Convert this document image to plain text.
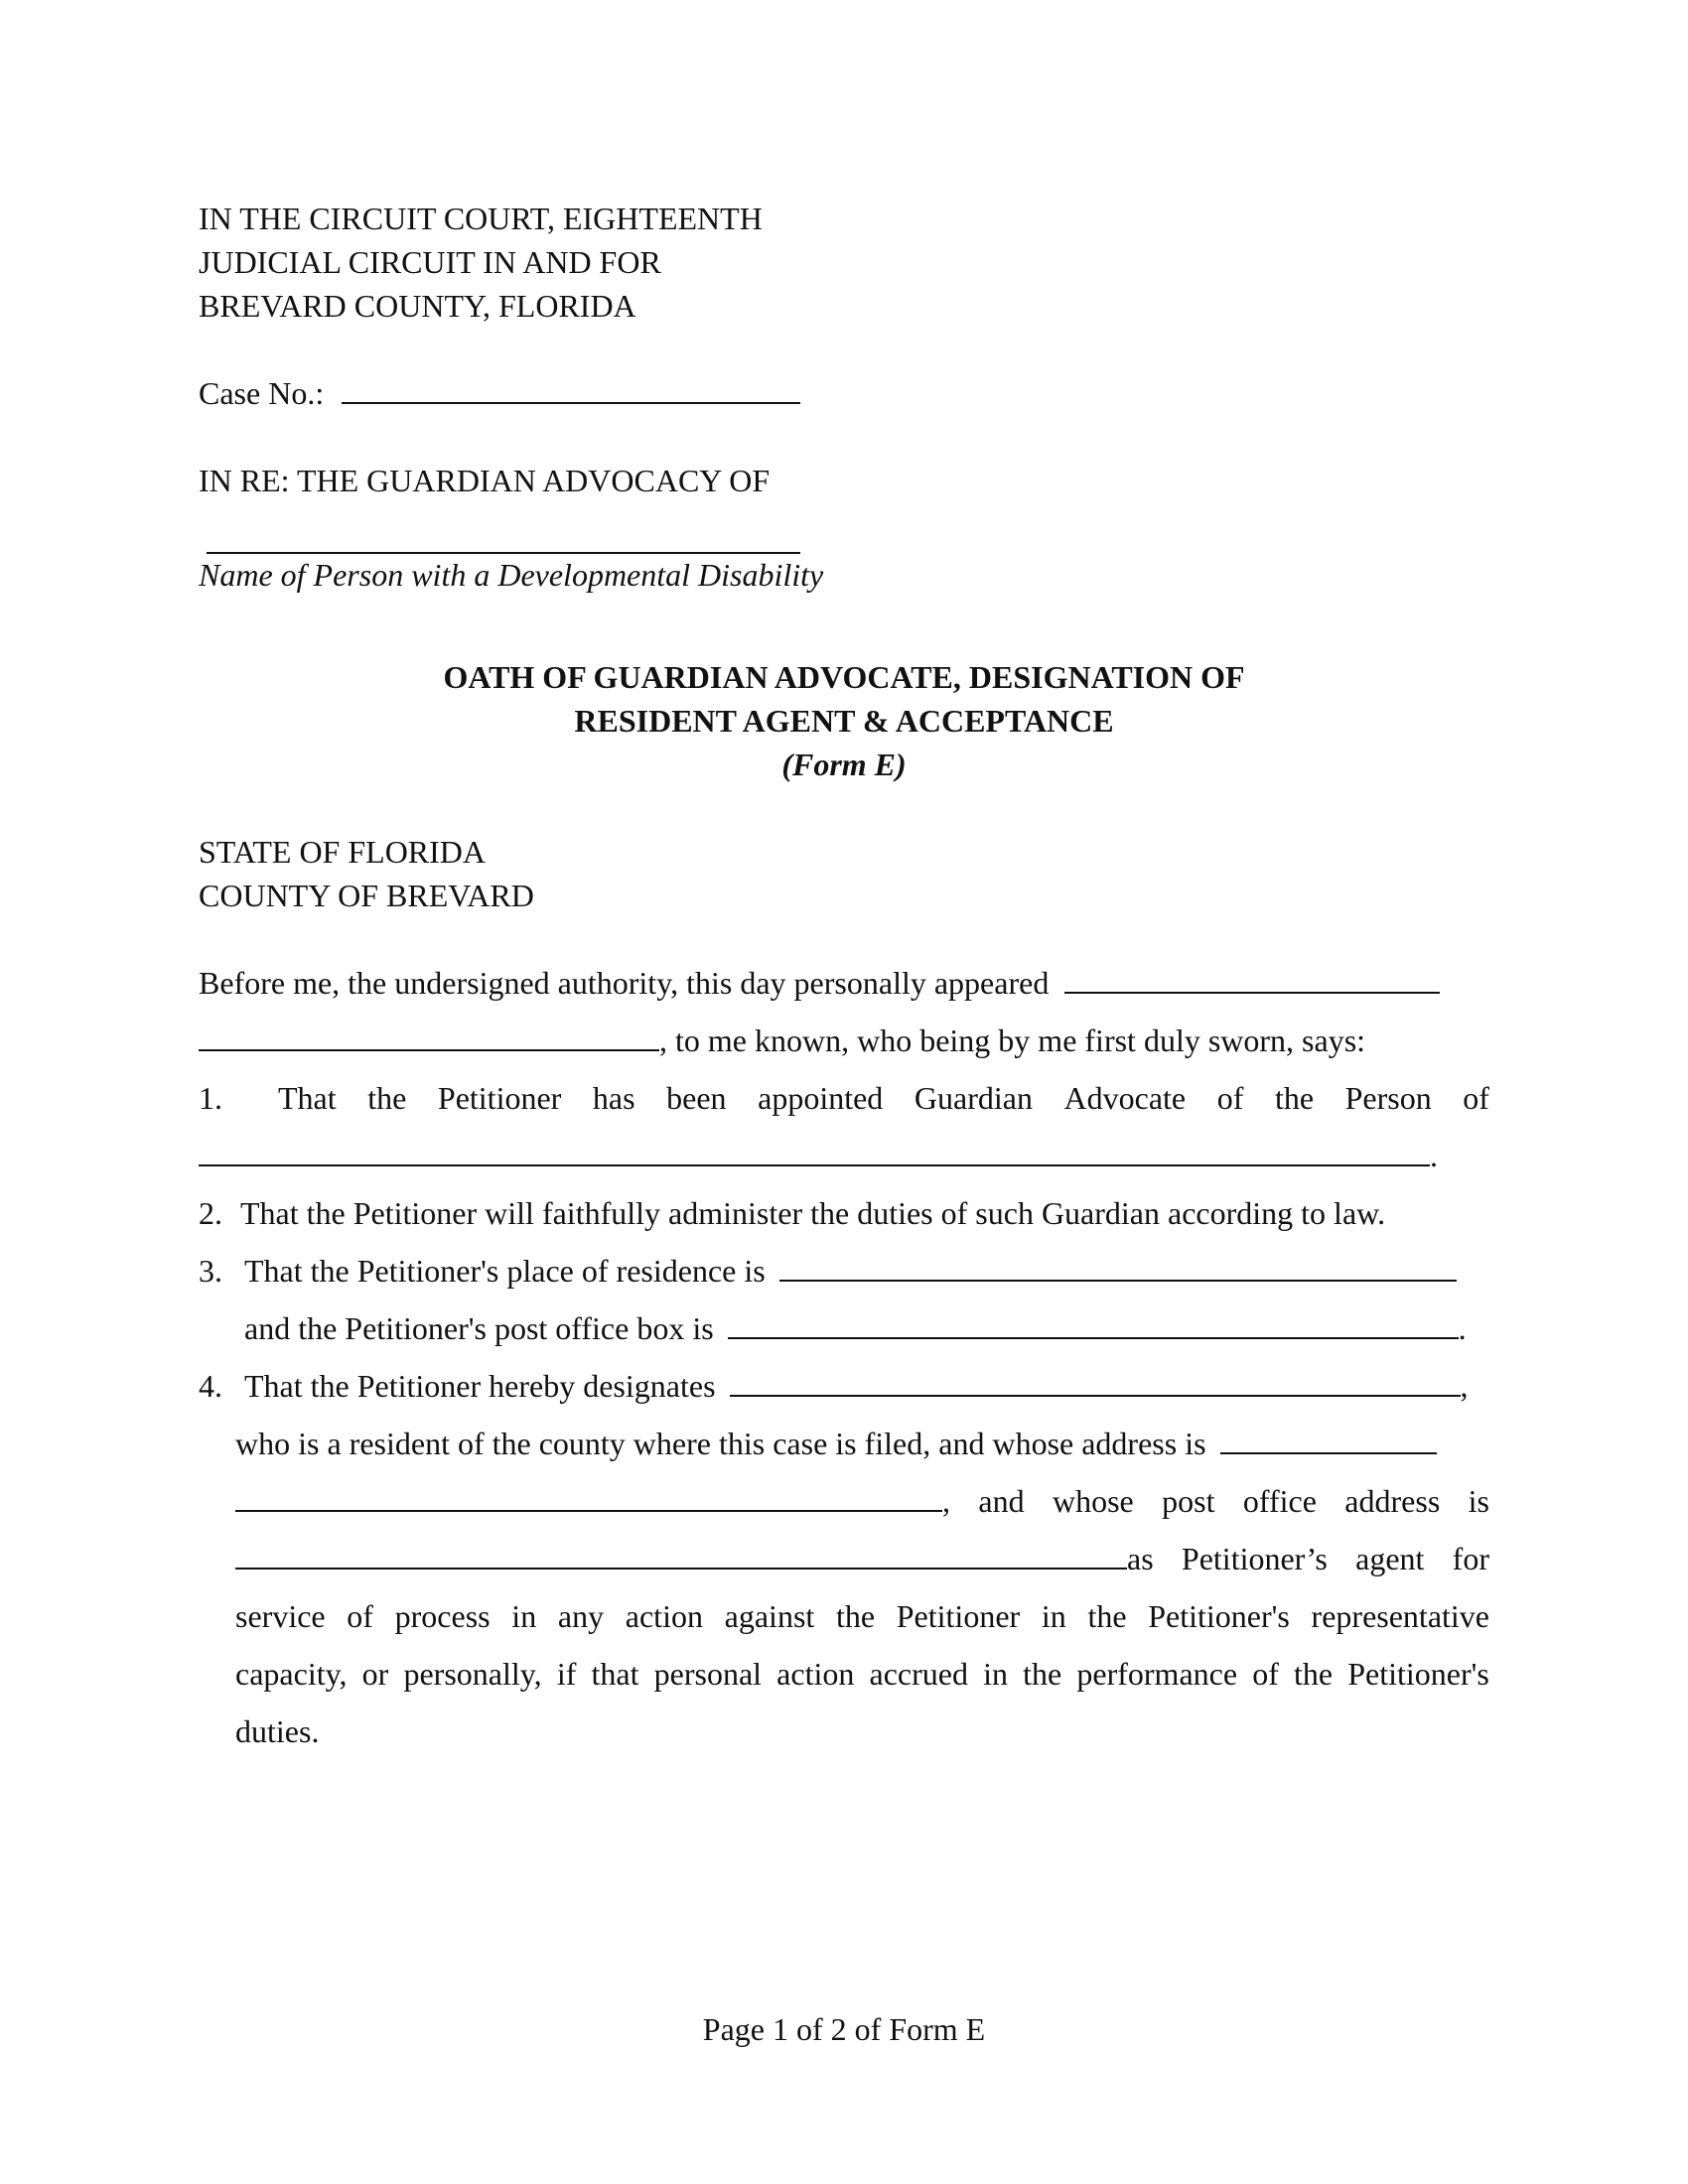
IN THE CIRCUIT COURT, EIGHTEENTH
JUDICIAL CIRCUIT IN AND FOR
BREVARD COUNTY, FLORIDA
Case No.:
IN RE: THE GUARDIAN ADVOCACY OF
Name of Person with a Developmental Disability
OATH OF GUARDIAN ADVOCATE, DESIGNATION OF
RESIDENT AGENT & ACCEPTANCE
(Form E)
STATE OF FLORIDA
COUNTY OF BREVARD
Before me, the undersigned authority, this day personally appeared
, to me known, who being by me first duly sworn, says:
1.	That the Petitioner has been appointed Guardian Advocate of the Person of
.
2. That the Petitioner will faithfully administer the duties of such Guardian according to law.
3. That the Petitioner's place of residence is
and the Petitioner's post office box is	.
4. That the Petitioner hereby designates	,
who is a resident of the county where this case is filed, and whose address is
, and whose post office address is
as Petitioner’s agent for
service of process in any action against the Petitioner in the Petitioner's representative
capacity, or personally, if that personal action accrued in the performance of the Petitioner's
duties.
Page 1 of 2 of Form E
